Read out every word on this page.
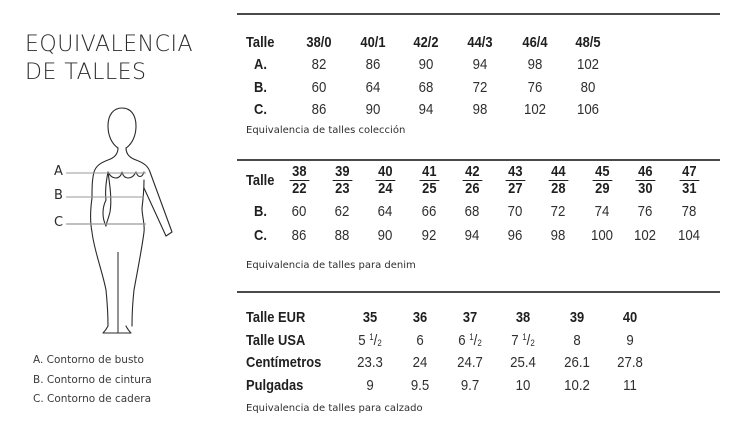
EQUIVALENCIA
DE TALLES
A
B
C
A. Contorno de busto
B. Contorno de cintura
C. Contorno de cadera
Talle	38/0	40/1	42/2	44/3	46/4	48/5
A.	82	86	90	94	98	102
B.	60	64	68	72	76	80
C.	86	90	94	98	102	106
Equivalencia de talles colección
Talle $\frac{38}{22} \frac{39}{23} \frac{40}{24} \frac{41}{25} \frac{42}{26} \frac{43}{27} \frac{44}{28} \frac{45}{29} \frac{46}{30} \frac{47}{31}$
B.	60	62	64	66	68	70	72	74	76	78
C.	86	88	90	92	94	96	98	100	102	104
Equivalencia de talles para denim
Talle EUR	35	36	37	38	39	40
Talle USA	5 $^1/_2$	6	6 $^1/_2$	7 $^1/_2$	8	9
Centímetros	23.3	24	24.7	25.4	26.1	27.8
Pulgadas	9	9.5	9.7	10	10.2	11
Equivalencia de talles para calzado
